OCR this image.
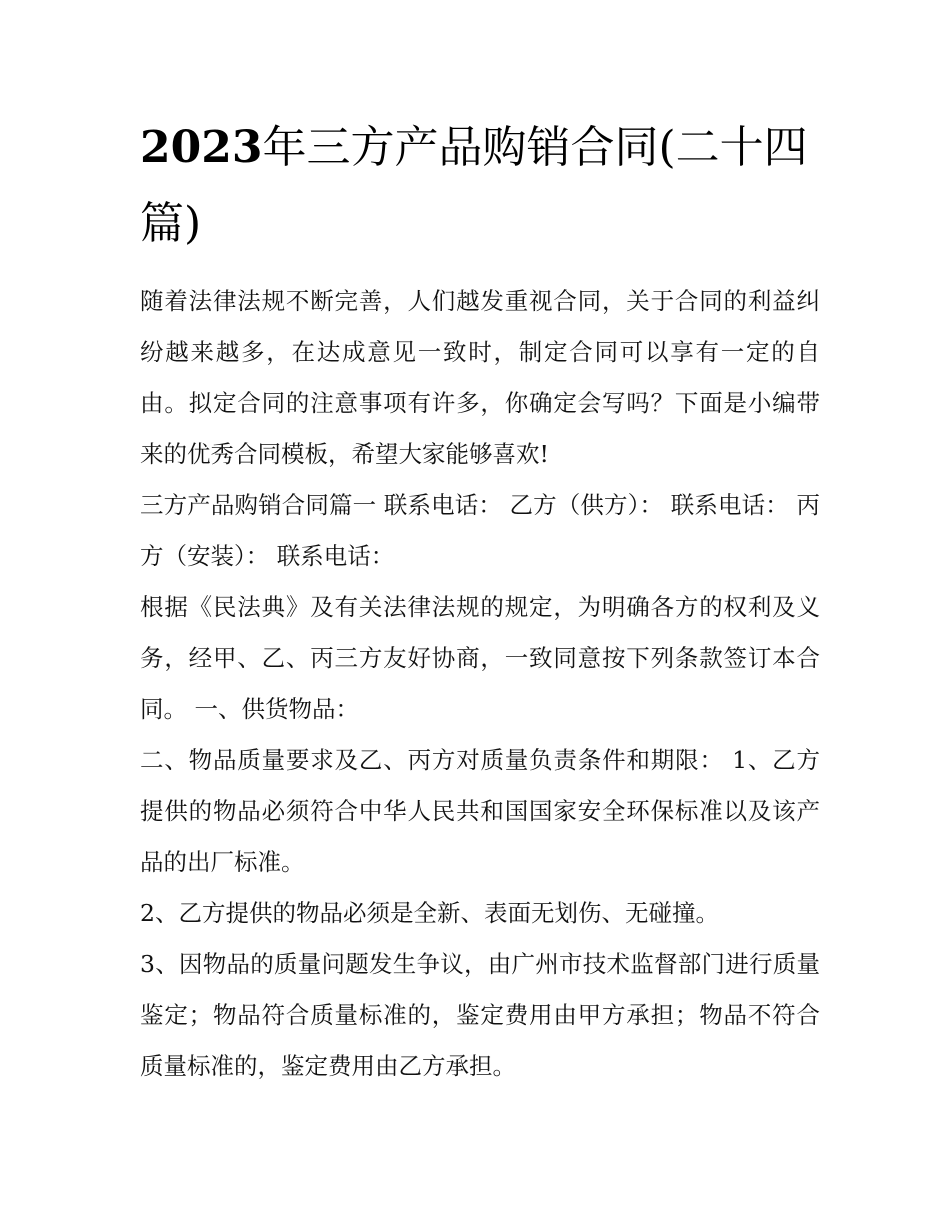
2023年三方产品购销合同(二十四篇)

随着法律法规不断完善，人们越发重视合同，关于合同的利益纠纷越来越多，在达成意见一致时，制定合同可以享有一定的自由。拟定合同的注意事项有许多，你确定会写吗？下面是小编带来的优秀合同模板，希望大家能够喜欢!

三方产品购销合同篇一 联系电话： 乙方（供方）： 联系电话： 丙方（安装）： 联系电话：

根据《民法典》及有关法律法规的规定，为明确各方的权利及义务，经甲、乙、丙三方友好协商，一致同意按下列条款签订本合同。 一、供货物品：

二、物品质量要求及乙、丙方对质量负责条件和期限： 1、乙方提供的物品必须符合中华人民共和国国家安全环保标准以及该产品的出厂标准。

2、乙方提供的物品必须是全新、表面无划伤、无碰撞。

3、因物品的质量问题发生争议，由广州市技术监督部门进行质量鉴定；物品符合质量标准的，鉴定费用由甲方承担；物品不符合质量标准的，鉴定费用由乙方承担。
